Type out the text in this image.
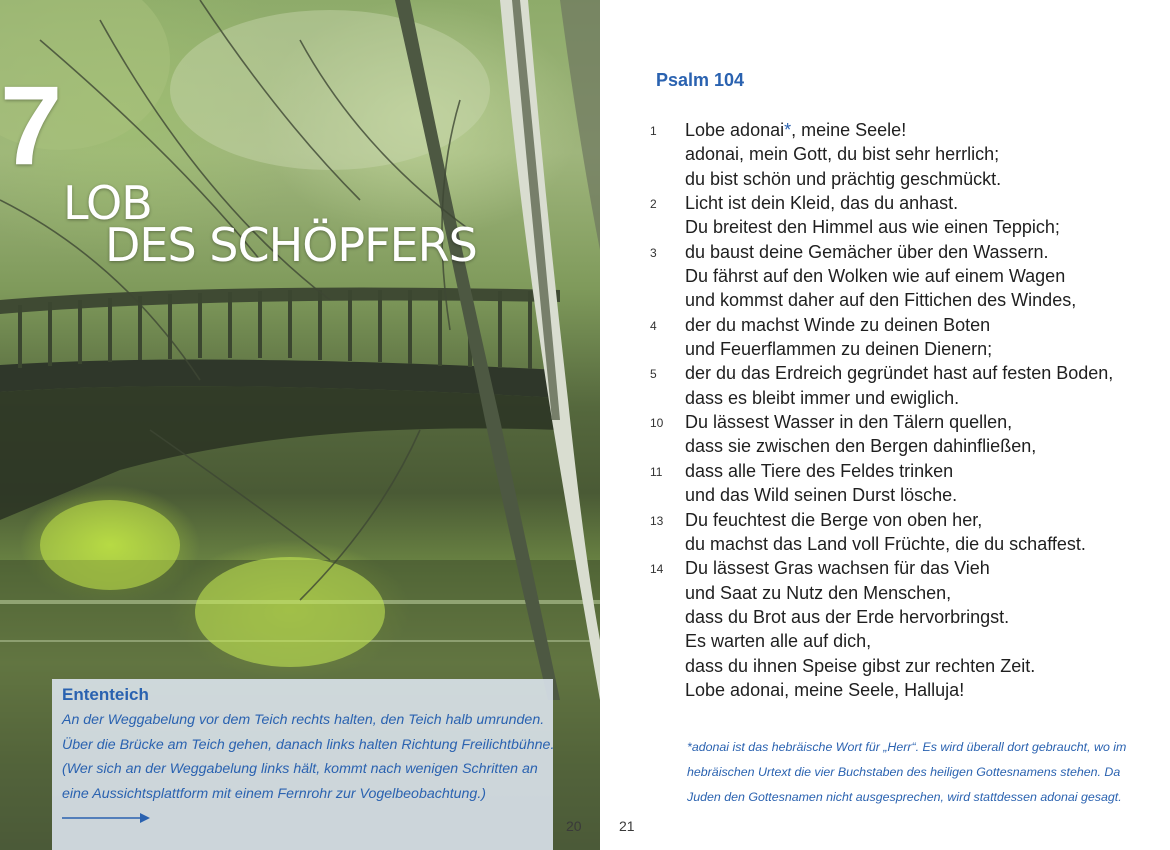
7
LOB
DES SCHÖPFERS

Ententeich

An der Weggabelung vor dem Teich rechts halten, den Teich halb umrunden.

Über die Brücke am Teich gehen, danach links halten Richtung Freilichtbühne.

(Wer sich an der Weggabelung links hält, kommt nach wenigen Schritten an

eine Aussichtsplattform mit einem Fernrohr zur Vogelbeobachtung.)

20
Psalm 104
1	Lobe adonai*, meine Seele!
adonai, mein Gott, du bist sehr herrlich;
du bist schön und prächtig geschmückt.
2	Licht ist dein Kleid, das du anhast.
Du breitest den Himmel aus wie einen Teppich;
3	du baust deine Gemächer über den Wassern.
Du fährst auf den Wolken wie auf einem Wagen
und kommst daher auf den Fittichen des Windes,
4	der du machst Winde zu deinen Boten
und Feuerflammen zu deinen Dienern;
5	der du das Erdreich gegründet hast auf festen Boden,
dass es bleibt immer und ewiglich.
10	Du lässest Wasser in den Tälern quellen,
dass sie zwischen den Bergen dahinfließen,
11	dass alle Tiere des Feldes trinken
und das Wild seinen Durst lösche.
13	Du feuchtest die Berge von oben her,
du machst das Land voll Früchte, die du schaffest.
14	Du lässest Gras wachsen für das Vieh
und Saat zu Nutz den Menschen,
dass du Brot aus der Erde hervorbringst.
Es warten alle auf dich,
dass du ihnen Speise gibst zur rechten Zeit.
Lobe adonai, meine Seele, Halluja!
*adonai ist das hebräische Wort für „Herr“. Es wird überall dort gebraucht, wo im
hebräischen Urtext die vier Buchstaben des heiligen Gottesnamens stehen. Da
Juden den Gottesnamen nicht ausgesprechen, wird stattdessen adonai gesagt.
21
